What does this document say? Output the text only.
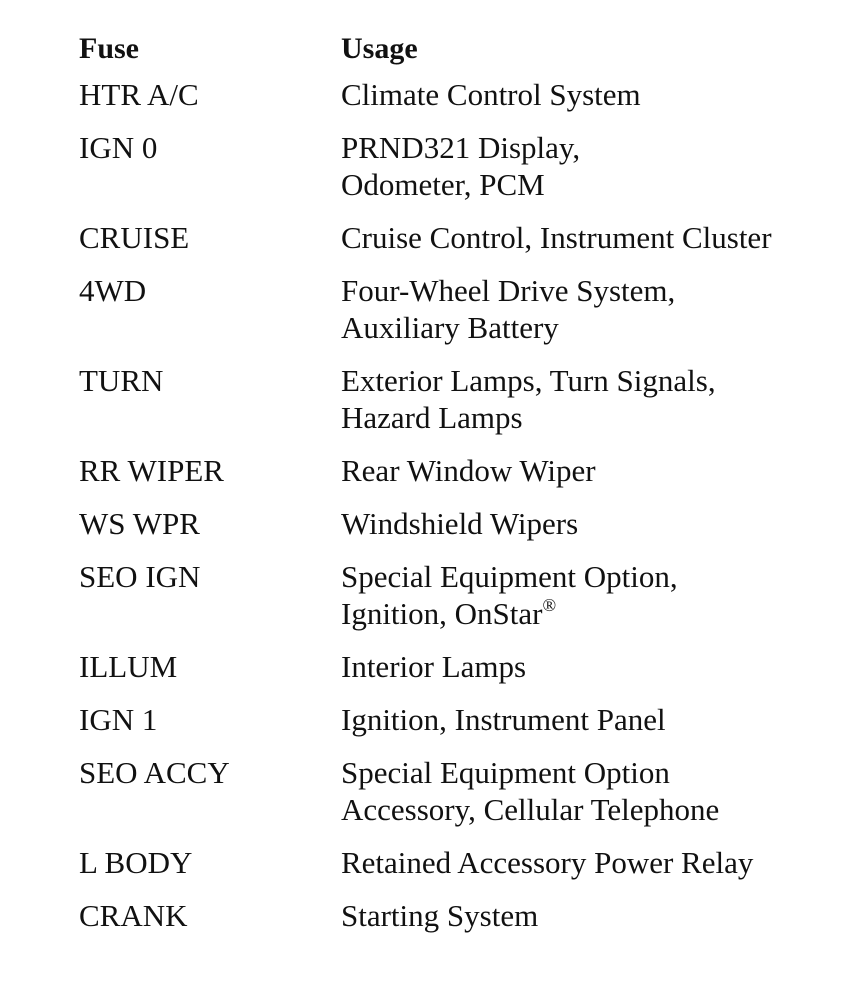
Fuse	Usage
HTR A/C	Climate Control System
IGN 0	PRND321 Display,
Odometer, PCM
CRUISE	Cruise Control, Instrument Cluster
4WD	Four-Wheel Drive System,
Auxiliary Battery
TURN	Exterior Lamps, Turn Signals,
Hazard Lamps
RR WIPER	Rear Window Wiper
WS WPR	Windshield Wipers
SEO IGN	Special Equipment Option,
Ignition, OnStar®
ILLUM	Interior Lamps
IGN 1	Ignition, Instrument Panel
SEO ACCY	Special Equipment Option
Accessory, Cellular Telephone
L BODY	Retained Accessory Power Relay
CRANK	Starting System
